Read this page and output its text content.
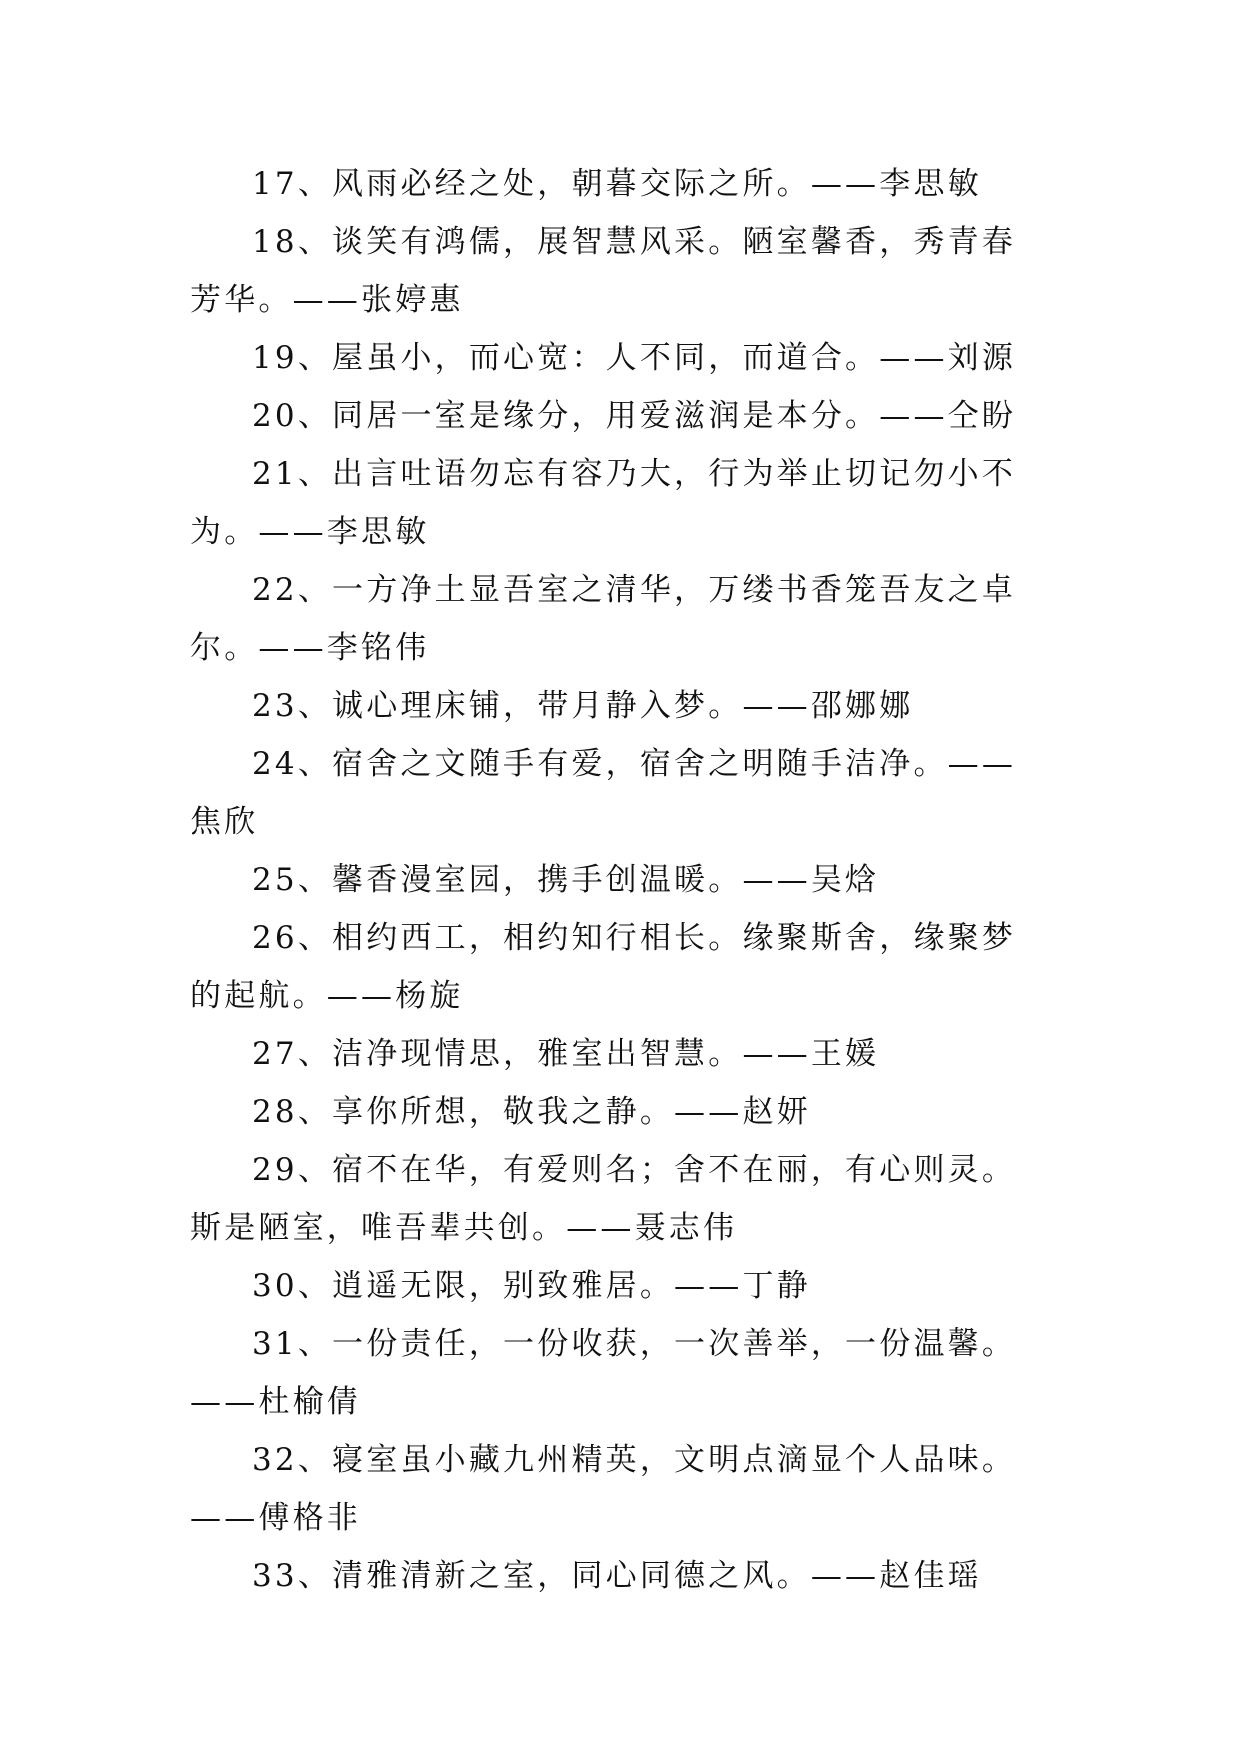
17、风雨必经之处，朝暮交际之所。——李思敏

18、谈笑有鸿儒，展智慧风采。陋室馨香，秀青春芳华。——张婷惠

19、屋虽小，而心宽：人不同，而道合。——刘源

20、同居一室是缘分，用爱滋润是本分。——仝盼

21、出言吐语勿忘有容乃大，行为举止切记勿小不为。——李思敏

22、一方净土显吾室之清华，万缕书香笼吾友之卓尔。——李铭伟

23、诚心理床铺，带月静入梦。——邵娜娜

24、宿舍之文随手有爱，宿舍之明随手洁净。——焦欣

25、馨香漫室园，携手创温暖。——吴焓

26、相约西工，相约知行相长。缘聚斯舍，缘聚梦的起航。——杨旋

27、洁净现情思，雅室出智慧。——王媛

28、享你所想，敬我之静。——赵妍

29、宿不在华，有爱则名；舍不在丽，有心则灵。斯是陋室，唯吾辈共创。——聂志伟

30、逍遥无限，别致雅居。——丁静

31、一份责任，一份收获，一次善举，一份温馨。——杜榆倩

32、寝室虽小藏九州精英，文明点滴显个人品味。——傅格非

33、清雅清新之室，同心同德之风。——赵佳瑶
